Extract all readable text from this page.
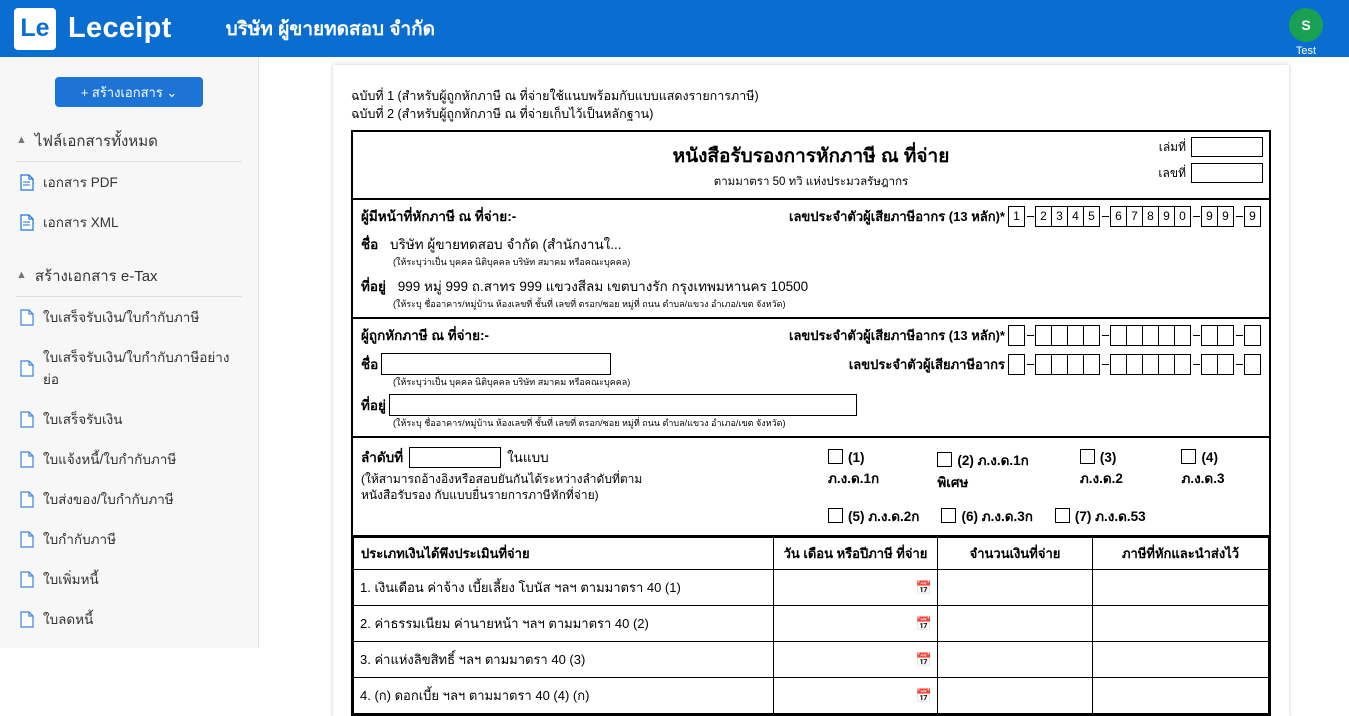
Le Leceipt	บริษัท ผู้ขายทดสอบ จำกัด	S
Test
+ สร้างเอกสาร ⌄
▲ ไฟล์เอกสารทั้งหมด
เอกสาร PDF
เอกสาร XML
▲ สร้างเอกสาร e-Tax
ใบเสร็จรับเงิน/ใบกำกับภาษี
ใบเสร็จรับเงิน/ใบกำกับภาษีอย่างย่อ
ใบเสร็จรับเงิน
ใบแจ้งหนี้/ใบกำกับภาษี
ใบส่งของ/ใบกำกับภาษี
ใบกำกับภาษี
ใบเพิ่มหนี้
ใบลดหนี้
ฉบับที่ 1 (สำหรับผู้ถูกหักภาษี ณ ที่จ่ายใช้แนบพร้อมกับแบบแสดงรายการภาษี)
ฉบับที่ 2 (สำหรับผู้ถูกหักภาษี ณ ที่จ่ายเก็บไว้เป็นหลักฐาน)
หนังสือรับรองการหักภาษี ณ ที่จ่าย
ตามมาตรา 50 ทวิ แห่งประมวลรัษฎากร
เล่มที่
เลขที่
ผู้มีหน้าที่หักภาษี ณ ที่จ่าย:-	เลขประจำตัวผู้เสียภาษีอากร (13 หลัก)* 1	2 3 4 5	6 7 8 9 0	9 9	9
ชื่อ บริษัท ผู้ขายทดสอบ จำกัด (สำนักงานใ...
(ให้ระบุว่าเป็น บุคคล นิติบุคคล บริษัท สมาคม หรือคณะบุคคล)
ที่อยู่ 999 หมู่ 999 ถ.สาทร 999 แขวงสีลม เขตบางรัก กรุงเทพมหานคร 10500
(ให้ระบุ ชื่ออาคาร/หมู่บ้าน ห้องเลขที่ ชั้นที่ เลขที่ ตรอก/ซอย หมู่ที่ ถนน ตำบล/แขวง อำเภอ/เขต จังหวัด)
ผู้ถูกหักภาษี ณ ที่จ่าย:-	เลขประจำตัวผู้เสียภาษีอากร (13 หลัก)*
เลขประจำตัวผู้เสียภาษีอากร
ชื่อ
(ให้ระบุว่าเป็น บุคคล นิติบุคคล บริษัท สมาคม หรือคณะบุคคล)
ที่อยู่
(ให้ระบุ ชื่ออาคาร/หมู่บ้าน ห้องเลขที่ ชั้นที่ เลขที่ ตรอก/ซอย หมู่ที่ ถนน ตำบล/แขวง อำเภอ/เขต จังหวัด)
ลำดับที่	ในแบบ
(ให้สามารถอ้างอิงหรือสอบยันกันได้ระหว่างลำดับที่ตาม
หนังสือรับรอง กับแบบยื่นรายการภาษีหักที่จ่าย)
(1) ภ.ง.ด.1ก
(2) ภ.ง.ด.1ก พิเศษ
(3) ภ.ง.ด.2
(4) ภ.ง.ด.3
(5) ภ.ง.ด.2ก	(6) ภ.ง.ด.3ก	(7) ภ.ง.ด.53
ประเภทเงินได้พึงประเมินที่จ่าย	วัน เดือน หรือปีภาษี ที่จ่าย	จำนวนเงินที่จ่าย	ภาษีที่หักและนำส่งไว้
1. เงินเดือน ค่าจ้าง เบี้ยเลี้ยง โบนัส ฯลฯ ตามมาตรา 40 (1)	📅		

2. ค่าธรรมเนียม ค่านายหน้า ฯลฯ ตามมาตรา 40 (2)	📅		

3. ค่าแห่งลิขสิทธิ์ ฯลฯ ตามมาตรา 40 (3)	📅		

4. (ก) ดอกเบี้ย ฯลฯ ตามมาตรา 40 (4) (ก)	📅		
